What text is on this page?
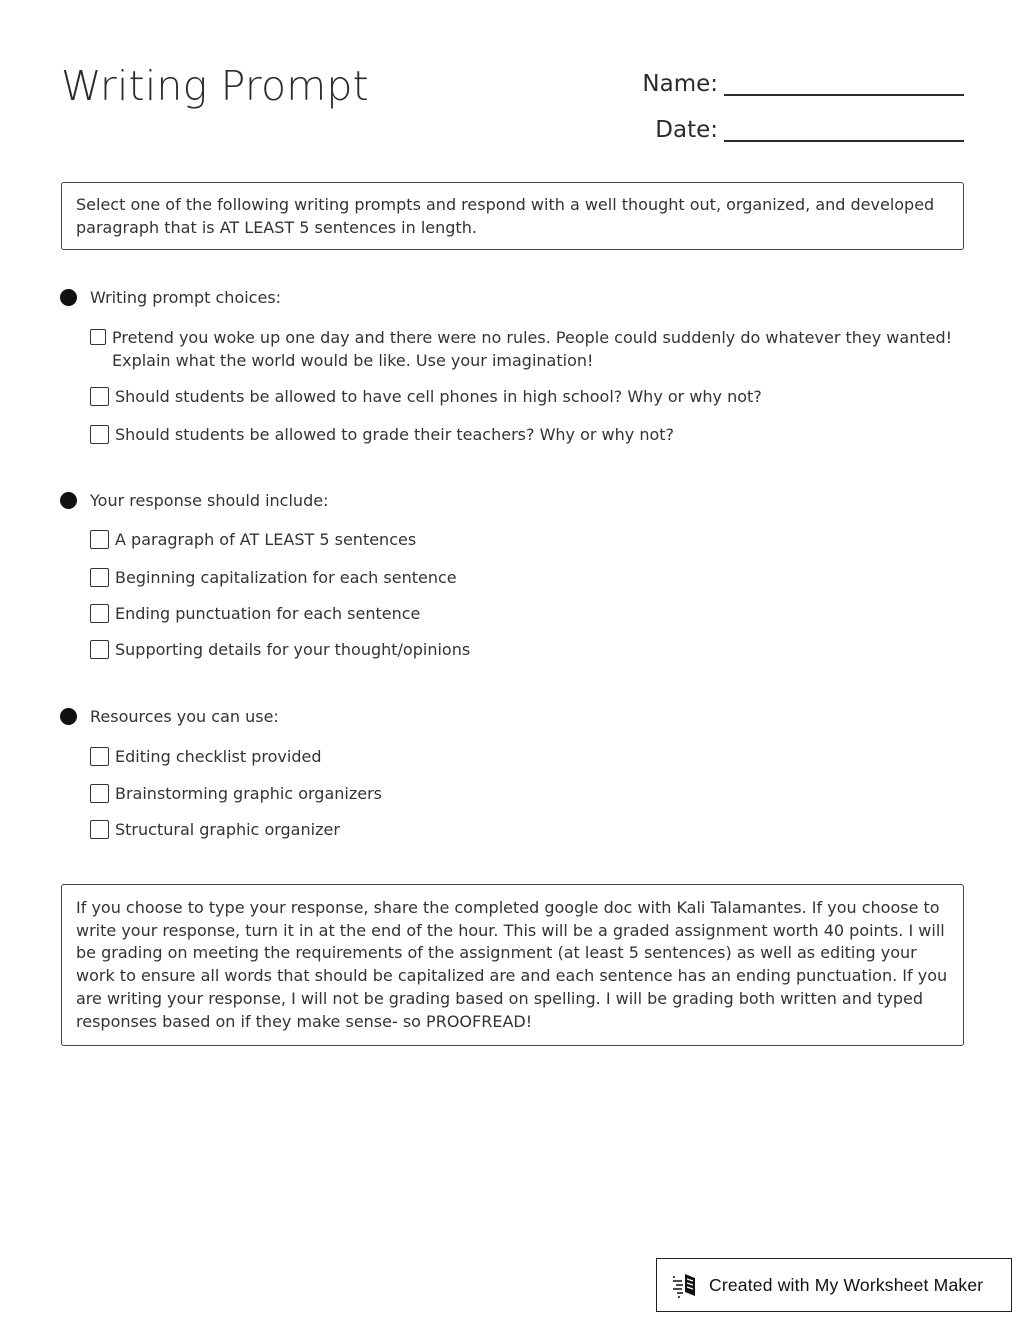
Writing Prompt	Name:
Date:
Select one of the following writing prompts and respond with a well thought out, organized, and developed paragraph that is AT LEAST 5 sentences in length.
Writing prompt choices:
Pretend you woke up one day and there were no rules. People could suddenly do whatever they wanted! Explain what the world would be like. Use your imagination!
Should students be allowed to have cell phones in high school? Why or why not?
Should students be allowed to grade their teachers? Why or why not?
Your response should include:
A paragraph of AT LEAST 5 sentences
Beginning capitalization for each sentence
Ending punctuation for each sentence
Supporting details for your thought/opinions
Resources you can use:
Editing checklist provided
Brainstorming graphic organizers
Structural graphic organizer
If you choose to type your response, share the completed google doc with Kali Talamantes. If you choose to write your response, turn it in at the end of the hour. This will be a graded assignment worth 40 points. I will be grading on meeting the requirements of the assignment (at least 5 sentences) as well as editing your work to ensure all words that should be capitalized are and each sentence has an ending punctuation. If you are writing your response, I will not be grading based on spelling. I will be grading both written and typed responses based on if they make sense- so PROOFREAD!
Created with My Worksheet Maker
